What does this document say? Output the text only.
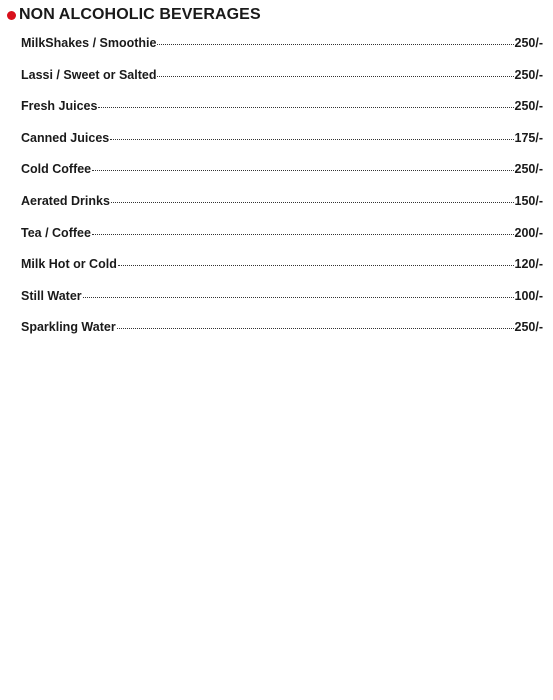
NON ALCOHOLIC BEVERAGES
MilkShakes / Smoothie	250/-
Lassi / Sweet or Salted	250/-
Fresh Juices	250/-
Canned Juices	175/-
Cold Coffee	250/-
Aerated Drinks	150/-
Tea / Coffee	200/-
Milk Hot or Cold	120/-
Still Water	100/-
Sparkling Water	250/-
